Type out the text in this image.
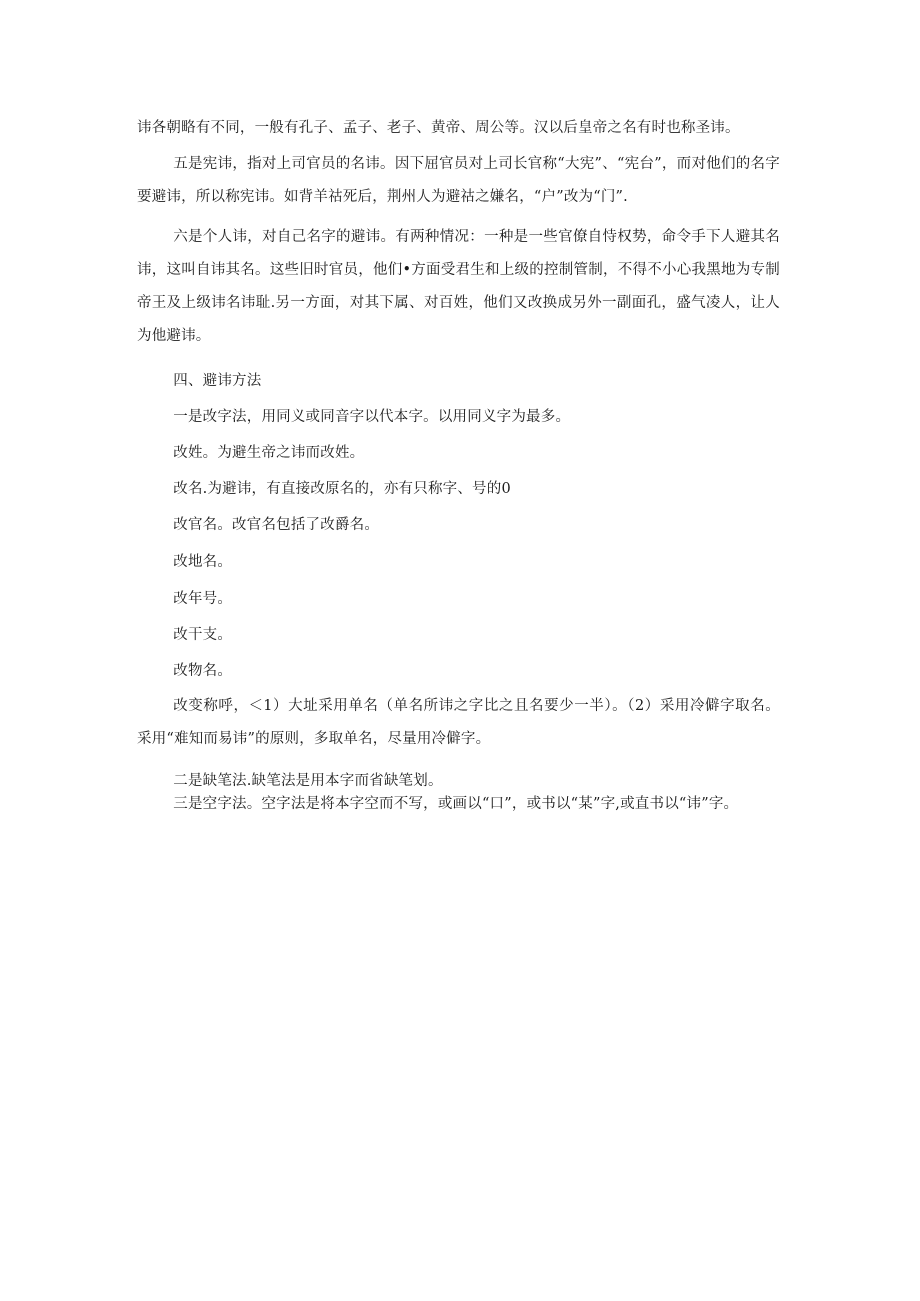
讳各朝略有不同，一般有孔子、孟子、老子、黄帝、周公等。汉以后皇帝之名有时也称圣讳。

五是宪讳，指对上司官员的名讳。因下屈官员对上司长官称“大宪”、“宪台”，而对他们的名字要避讳，所以称宪讳。如背羊祜死后，荆州人为避祜之嫌名，“户”改为“门”.

六是个人讳，对自己名字的避讳。有两种情况：一种是一些官僚自恃权势，命令手下人避其名讳，这叫自讳其名。这些旧时官员，他们•方面受君生和上级的控制管制，不得不小心我黑地为专制帝王及上级讳名讳耻.另一方面，对其下属、对百姓，他们又改换成另外一副面孔，盛气凌人，让人为他避讳。

四、避讳方法

一是改字法，用同义或同音字以代本字。以用同义字为最多。

改姓。为避生帝之讳而改姓。

改名.为避讳，有直接改原名的，亦有只称字、号的0

改官名。改官名包括了改爵名。

改地名。

改年号。

改干支。

改物名。

改变称呼，＜1）大址采用单名（单名所讳之字比之且名要少一半）。（2）采用冷僻字取名。采用“难知而易讳”的原则，多取单名，尽量用冷僻字。

二是缺笔法.缺笔法是用本字而省缺笔划。

三是空字法。空字法是将本字空而不写，或画以“口”，或书以“某”字,或直书以“讳”字。
